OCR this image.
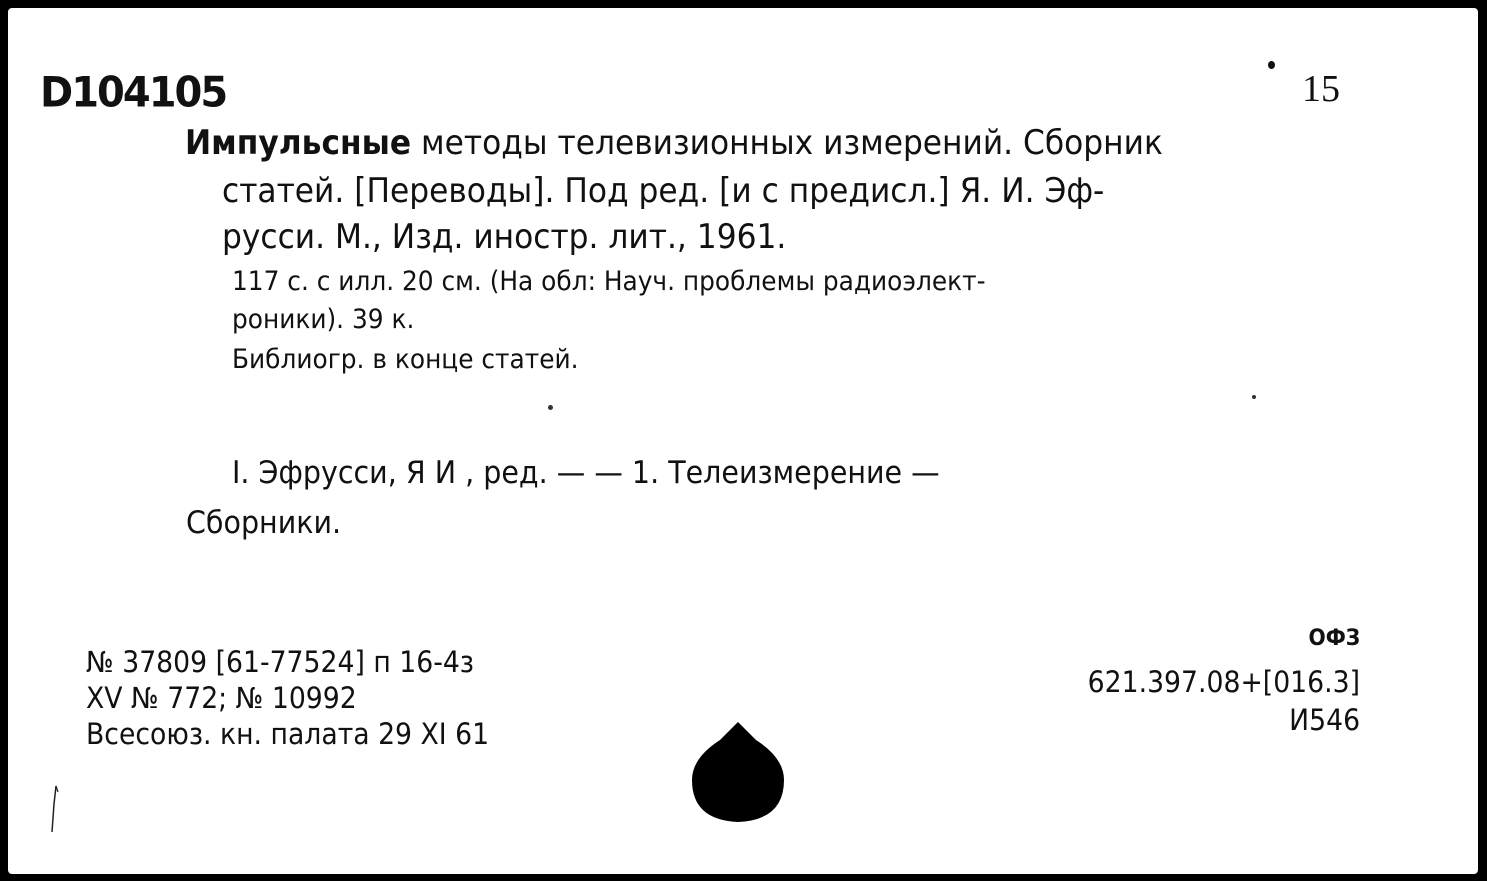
D104105	15
Импульсные методы телевизионных измерений. Сборник
статей. [Переводы]. Под ред. [и с предисл.] Я. И. Эф-
русси. М., Изд. иностр. лит., 1961.
117 с. с илл. 20 см. (На обл: Науч. проблемы радиоэлект-
роники). 39 к.
Библиогр. в конце статей.
I. Эфрусси, Я И , ред. — — 1. Телеизмерение —
Сборники.
№ 37809 [61-77524] п 16-4з
XV № 772; № 10992
Всесоюз. кн. палата 29 XI 61
ОФЗ
621.397.08+[016.3]
И546
